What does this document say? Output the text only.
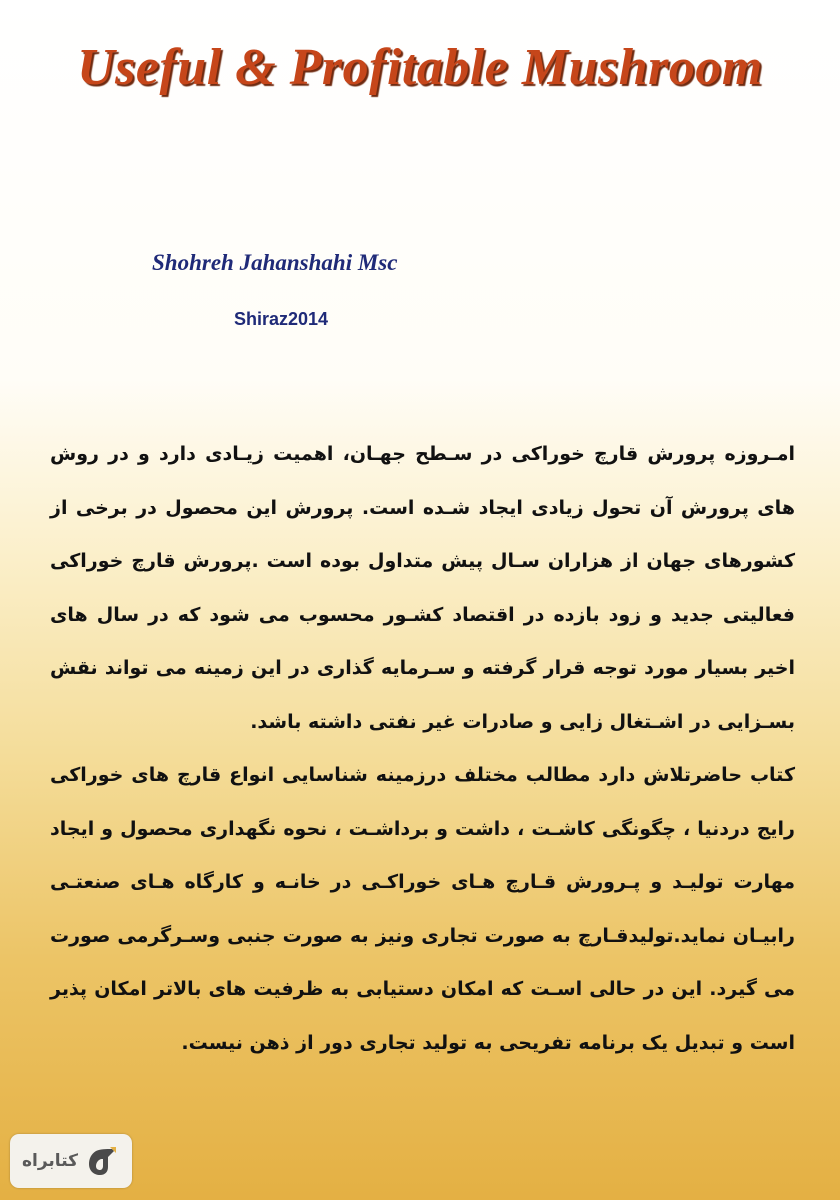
Useful & Profitable Mushroom

Shohreh Jahanshahi Msc

Shiraz2014

امـروزه پرورش قارچ خوراکی در سـطح جهـان، اهمیت زیـادی دارد و در روش های پرورش آن تحول زیادی ایجاد شـده است. پرورش این محصول در برخی از کشورهای جهان از هزاران سـال پیش متداول بوده است .پرورش قارچ خوراکی فعالیتی جدید و زود بازده در اقتصاد کشـور محسوب می شود که در سال های اخیر بسیار مورد توجه قرار گرفته و سـرمایه گذاری در این زمینه می تواند نقش بسـزایی در اشـتغال زایی و صادرات غیر نفتی داشته باشد.

کتاب حاضرتلاش دارد مطالب مختلف درزمینه شناسایی انواع قارچ های خوراکی رایج دردنیا ، چگونگی کاشـت ، داشت و برداشـت ، نحوه نگهداری محصول و ایجاد مهارت تولیـد و پـرورش قـارچ هـای خوراکـی در خانـه و کارگاه هـای صنعتـی رابیـان نماید.تولیدقـارچ به صورت تجاری ونیز به صورت جنبی وسـرگرمی صورت می گیرد. این در حالی اسـت که امکان دستیابی به ظرفیت های بالاتر امکان پذیر است و تبدیل یک برنامه تفریحی به تولید تجاری دور از ذهن نیست.

کتابراه
